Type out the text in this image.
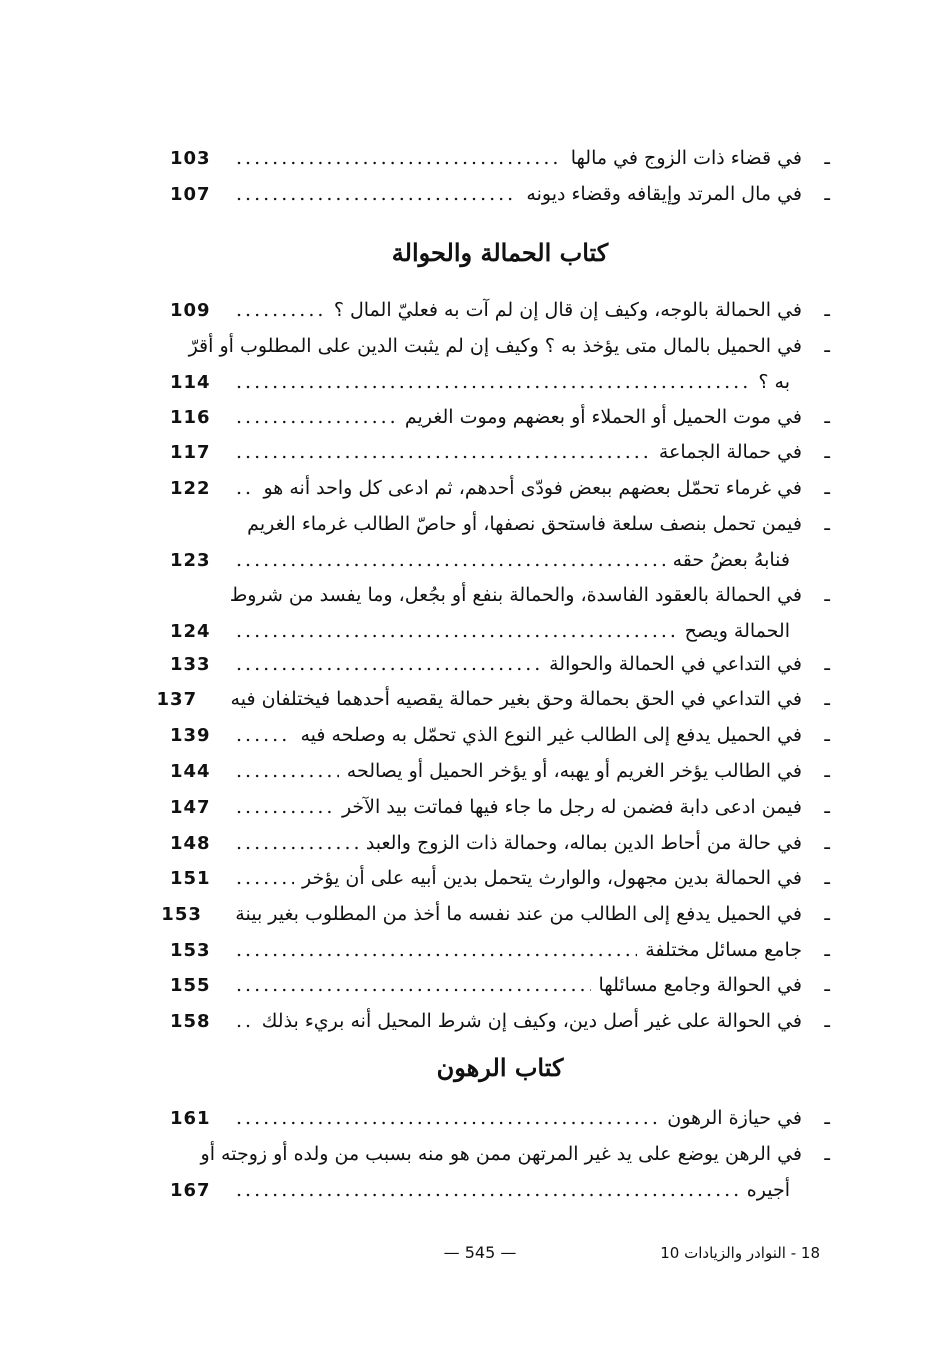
ـ
في قضاء ذات الزوج في مالها
.....
103
ـ
في مال المرتد وإيقافه وقضاء ديونه
.....
107
كتاب الحمالة والحوالة
ـ
في الحمالة بالوجه، وكيف إن قال إن لم آت به فعليّ المال ؟
.....
109
ـ
في الحميل بالمال متى يؤخذ به ؟ وكيف إن لم يثبت الدين على المطلوب أو أقرّ
به ؟
.....
114
ـ
في موت الحميل أو الحملاء أو بعضهم وموت الغريم
.....
116
ـ
في حمالة الجماعة
.....
117
ـ
في غرماء تحمّل بعضهم ببعض فودّى أحدهم، ثم ادعى كل واحد أنه هو
.....
122
ـ
فيمن تحمل بنصف سلعة فاستحق نصفها، أو حاصّ الطالب غرماء الغريم
فنابهُ بعضُ حقه
.....
123
ـ
في الحمالة بالعقود الفاسدة، والحمالة بنفع أو بجُعل، وما يفسد من شروط
الحمالة ويصح
.....
124
ـ
في التداعي في الحمالة والحوالة
.....
133
ـ
في التداعي في الحق بحمالة وحق بغير حمالة يقصيه أحدهما فيختلفان فيه
137
ـ
في الحميل يدفع إلى الطالب غير النوع الذي تحمّل به وصلحه فيه
.....
139
ـ
في الطالب يؤخر الغريم أو يهبه، أو يؤخر الحميل أو يصالحه
.....
144
ـ
فيمن ادعى دابة فضمن له رجل ما جاء فيها فماتت بيد الآخر
.....
147
ـ
في حالة من أحاط الدين بماله، وحمالة ذات الزوج والعبد
.....
148
ـ
في الحمالة بدين مجهول، والوارث يتحمل بدين أبيه على أن يؤخر
.....
151
ـ
في الحميل يدفع إلى الطالب من عند نفسه ما أخذ من المطلوب بغير بينة
153
ـ
جامع مسائل مختلفة
.....
153
ـ
في الحوالة وجامع مسائلها
.....
155
ـ
في الحوالة على غير أصل دين، وكيف إن شرط المحيل أنه بريء بذلك
.....
158
كتاب الرهون
ـ
في حيازة الرهون
.....
161
ـ
في الرهن يوضع على يد غير المرتهن ممن هو منه بسبب من ولده أو زوجته أو
أجيره
.....
167
— 545 —	18 - النوادر والزيادات 10
